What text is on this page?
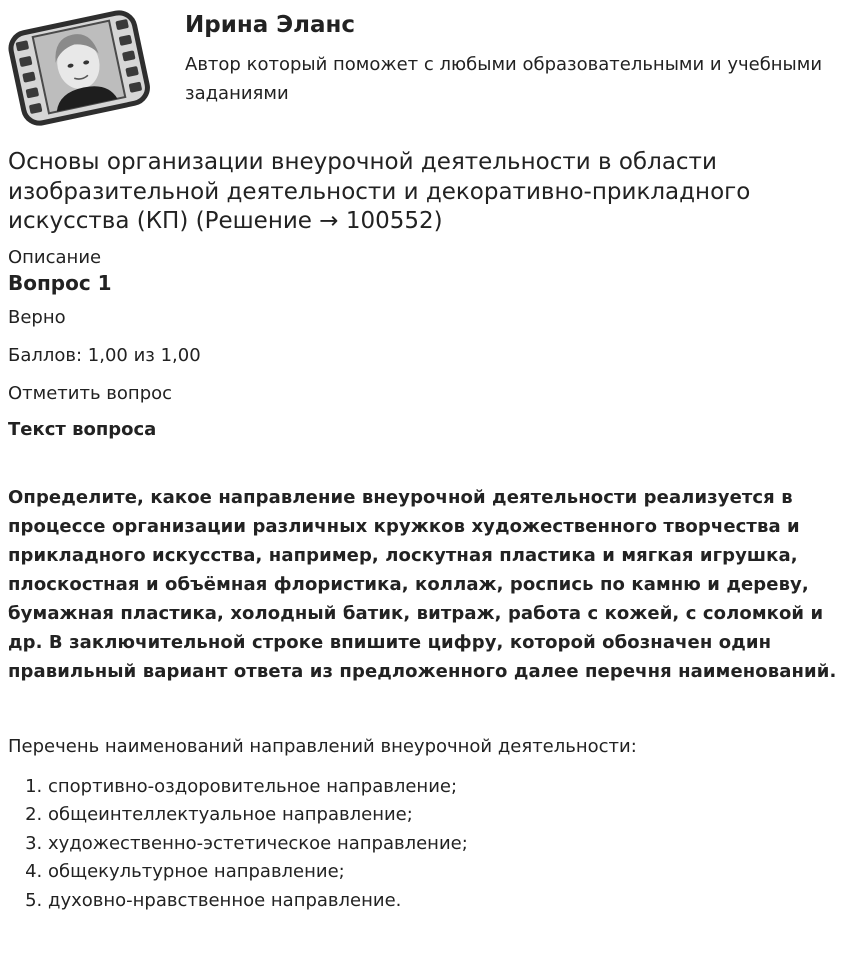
Ирина Эланс
Автор который поможет с любыми образовательными и учебными заданиями
Основы организации внеурочной деятельности в области изобразительной деятельности и декоративно-прикладного искусства (КП) (Решение → 100552)
Описание
Вопрос 1
Верно
Баллов: 1,00 из 1,00
Отметить вопрос
Текст вопроса
Определите, какое направление внеурочной деятельности реализуется в процессе организации различных кружков художественного творчества и прикладного искусства, например, лоскутная пластика и мягкая игрушка, плоскостная и объёмная флористика, коллаж, роспись по камню и дереву, бумажная пластика, холодный батик, витраж, работа с кожей, с соломкой и др. В заключительной строке впишите цифру, которой обозначен один правильный вариант ответа из предложенного далее перечня наименований.
Перечень наименований направлений внеурочной деятельности:
1. спортивно-оздоровительное направление;
2. общеинтеллектуальное направление;
3. художественно-эстетическое направление;
4. общекультурное направление;
5. духовно-нравственное направление.
